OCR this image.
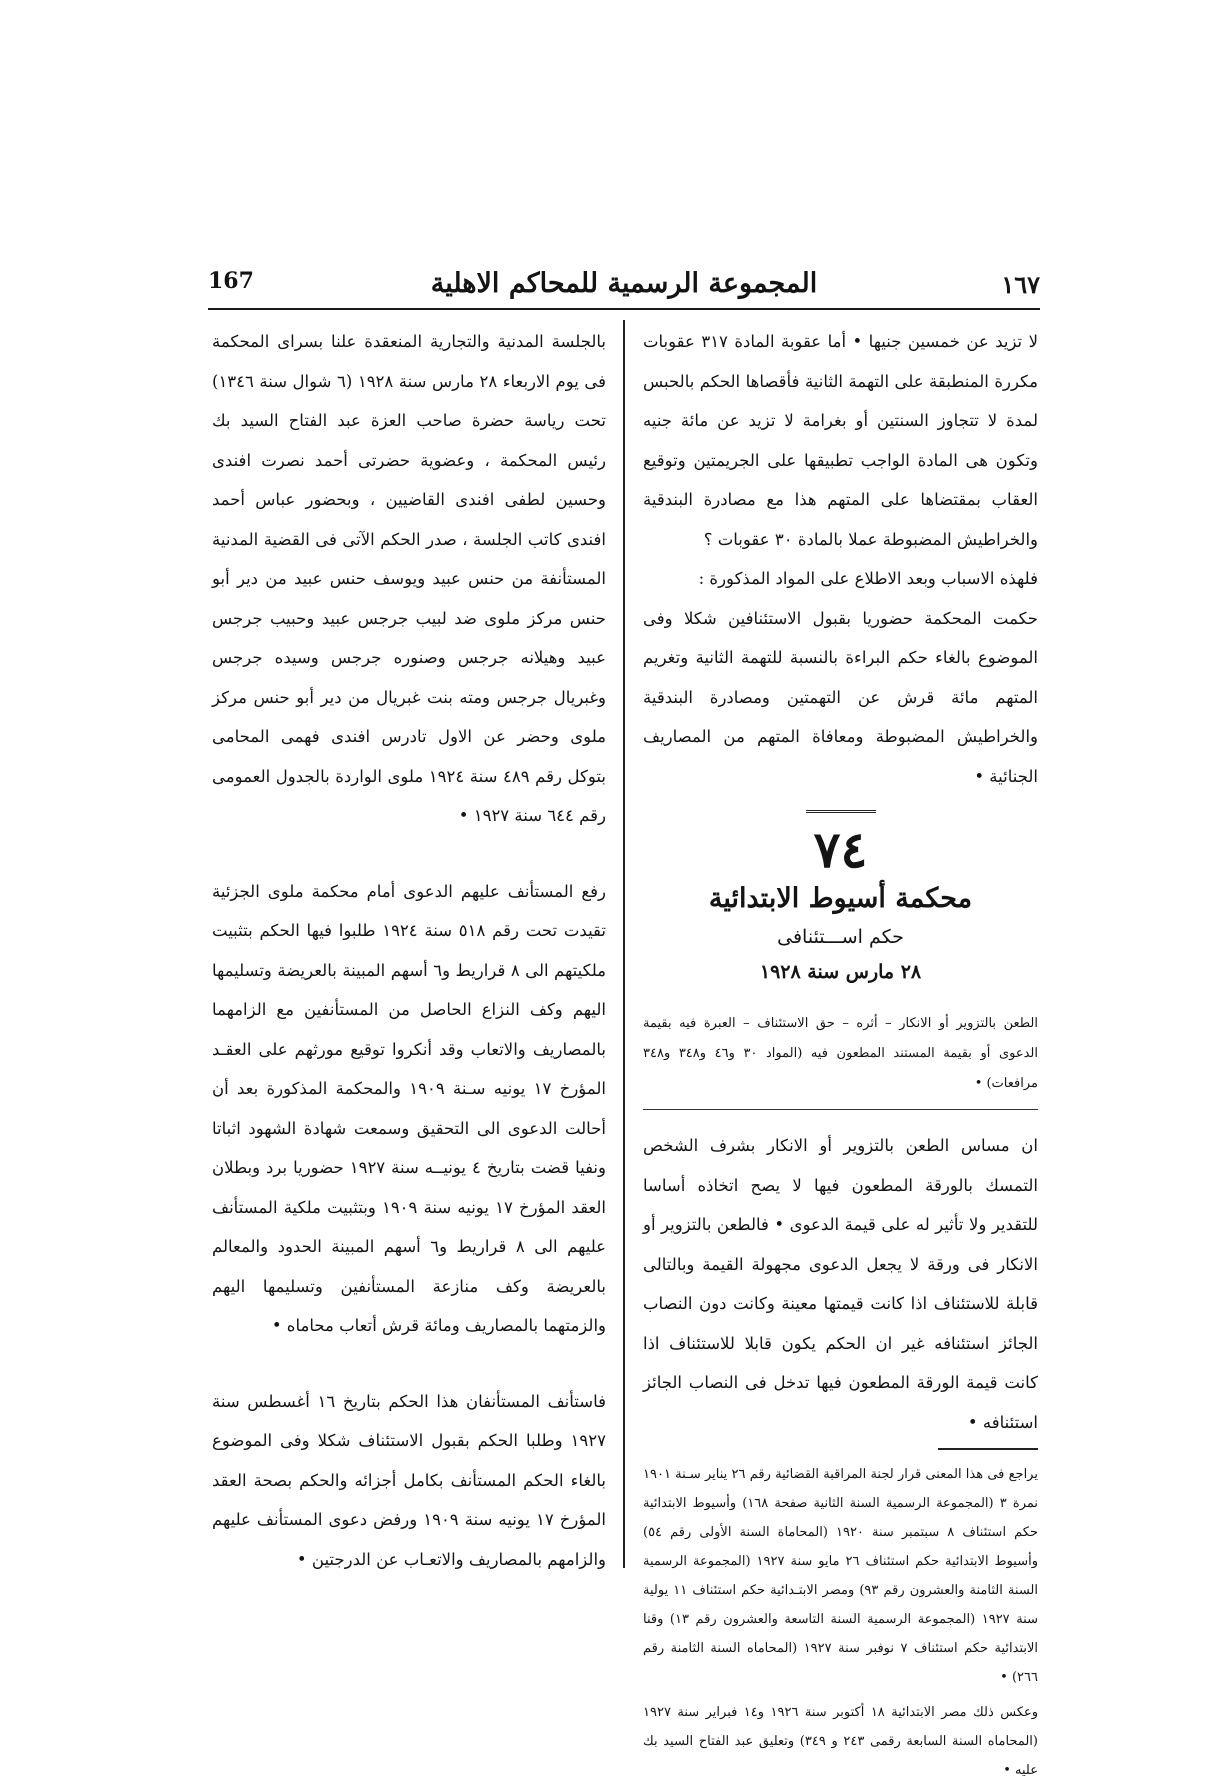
١٦٧
المجموعة الرسمية للمحاكم الاهلية
167

بالجلسة المدنية والتجارية المنعقدة علنا بسراى المحكمة فى يوم الاربعاء ٢٨ مارس سنة ١٩٢٨ (٦ شوال سنة ١٣٤٦) تحت رياسة حضرة صاحب العزة عبد الفتاح السيد بك رئيس المحكمة ، وعضوية حضرتى أحمد نصرت افندى وحسين لطفى افندى القاضيين ، وبحضور عباس أحمد افندى كاتب الجلسة ، صدر الحكم الآتى فى القضية المدنية المستأنفة من حنس عبيد ويوسف حنس عبيد من دير أبو حنس مركز ملوى ضد لبيب جرجس عبيد وحبيب جرجس عبيد وهيلانه جرجس وصنوره جرجس وسيده جرجس وغبريال جرجس ومته بنت غبريال من دير أبو حنس مركز ملوى وحضر عن الاول تادرس افندى فهمى المحامى بتوكل رقم ٤٨٩ سنة ١٩٢٤ ملوى الواردة بالجدول العمومى رقم ٦٤٤ سنة ١٩٢٧ •

رفع المستأنف عليهم الدعوى أمام محكمة ملوى الجزئية تقيدت تحت رقم ٥١٨ سنة ١٩٢٤ طلبوا فيها الحكم بتثبيت ملكيتهم الى ٨ قراريط و٦ أسهم المبينة بالعريضة وتسليمها اليهم وكف النزاع الحاصل من المستأنفين مع الزامهما بالمصاريف والاتعاب وقد أنكروا توقيع مورثهم على العقـد المؤرخ ١٧ يونيه سـنة ١٩٠٩ والمحكمة المذكورة بعد أن أحالت الدعوى الى التحقيق وسمعت شهادة الشهود اثباتا ونفيا قضت بتاريخ ٤ يونيــه سنة ١٩٢٧ حضوريا برد وبطلان العقد المؤرخ ١٧ يونيه سنة ١٩٠٩ وبتثبيت ملكية المستأنف عليهم الى ٨ قراريط و٦ أسهم المبينة الحدود والمعالم بالعريضة وكف منازعة المستأنفين وتسليمها اليهم والزمتهما بالمصاريف ومائة قرش أتعاب محاماه •

فاستأنف المستأنفان هذا الحكم بتاريخ ١٦ أغسطس سنة ١٩٢٧ وطلبا الحكم بقبول الاستئناف شكلا وفى الموضوع بالغاء الحكم المستأنف بكامل أجزائه والحكم بصحة العقد المؤرخ ١٧ يونيه سنة ١٩٠٩ ورفض دعوى المستأنف عليهم والزامهم بالمصاريف والاتعـاب عن الدرجتين •

لا تزيد عن خمسين جنيها • أما عقوبة المادة ٣١٧ عقوبات مكررة المنطبقة على التهمة الثانية فأقصاها الحكم بالحبس لمدة لا تتجاوز السنتين أو بغرامة لا تزيد عن مائة جنيه وتكون هى المادة الواجب تطبيقها على الجريمتين وتوقيع العقاب بمقتضاها على المتهم هذا مع مصادرة البندقية والخراطيش المضبوطة عملا بالمادة ٣٠ عقوبات ؟

فلهذه الاسباب وبعد الاطلاع على المواد المذكورة :

حكمت المحكمة حضوريا بقبول الاستئنافين شكلا وفى الموضوع بالغاء حكم البراءة بالنسبة للتهمة الثانية وتغريم المتهم مائة قرش عن التهمتين ومصادرة البندقية والخراطيش المضبوطة ومعافاة المتهم من المصاريف الجنائية •

٧٤
محكمة أسيوط الابتدائية
حكم اســـتئنافى
٢٨ مارس سنة ١٩٢٨

الطعن بالتزوير أو الانكار – أثره – حق الاستئناف – العبرة فيه بقيمة الدعوى أو بقيمة المستند المطعون فيه (المواد ٣٠ و٤٦ و٣٤٨ و٣٤٨ مرافعات) •

ان مساس الطعن بالتزوير أو الانكار بشرف الشخص التمسك بالورقة المطعون فيها لا يصح اتخاذه أساسا للتقدير ولا تأثير له على قيمة الدعوى • فالطعن بالتزوير أو الانكار فى ورقة لا يجعل الدعوى مجهولة القيمة وبالتالى قابلة للاستئناف اذا كانت قيمتها معينة وكانت دون النصاب الجائز استئنافه غير ان الحكم يكون قابلا للاستئناف اذا كانت قيمة الورقة المطعون فيها تدخل فى النصاب الجائز استئنافه •

يراجع فى هذا المعنى قرار لجنة المراقبة القضائية رقم ٢٦ يناير سـنة ١٩٠١ نمرة ٣ (المجموعة الرسمية السنة الثانية صفحة ١٦٨) وأسيوط الابتدائية حكم استئناف ٨ سبتمبر سنة ١٩٢٠ (المحاماة السنة الأولى رقم ٥٤) وأسيوط الابتدائية حكم استئناف ٢٦ مايو سنة ١٩٢٧ (المجموعة الرسمية السنة الثامنة والعشرون رقم ٩٣) ومصر الابتـدائية حكم استئناف ١١ يولية سنة ١٩٢٧ (المجموعة الرسمية السنة التاسعة والعشرون رقم ١٣) وقنا الابتدائية حكم استئناف ٧ نوفبر سنة ١٩٢٧ (المحاماه السنة الثامنة رقم ٢٦٦) •

وعكس ذلك مصر الابتدائية ١٨ أكتوبر سنة ١٩٢٦ و١٤ فبراير سنة ١٩٢٧ (المحاماه السنة السابعة رقمى ٢٤٣ و ٣٤٩) وتعليق عبد الفتاح السيد بك عليه •
